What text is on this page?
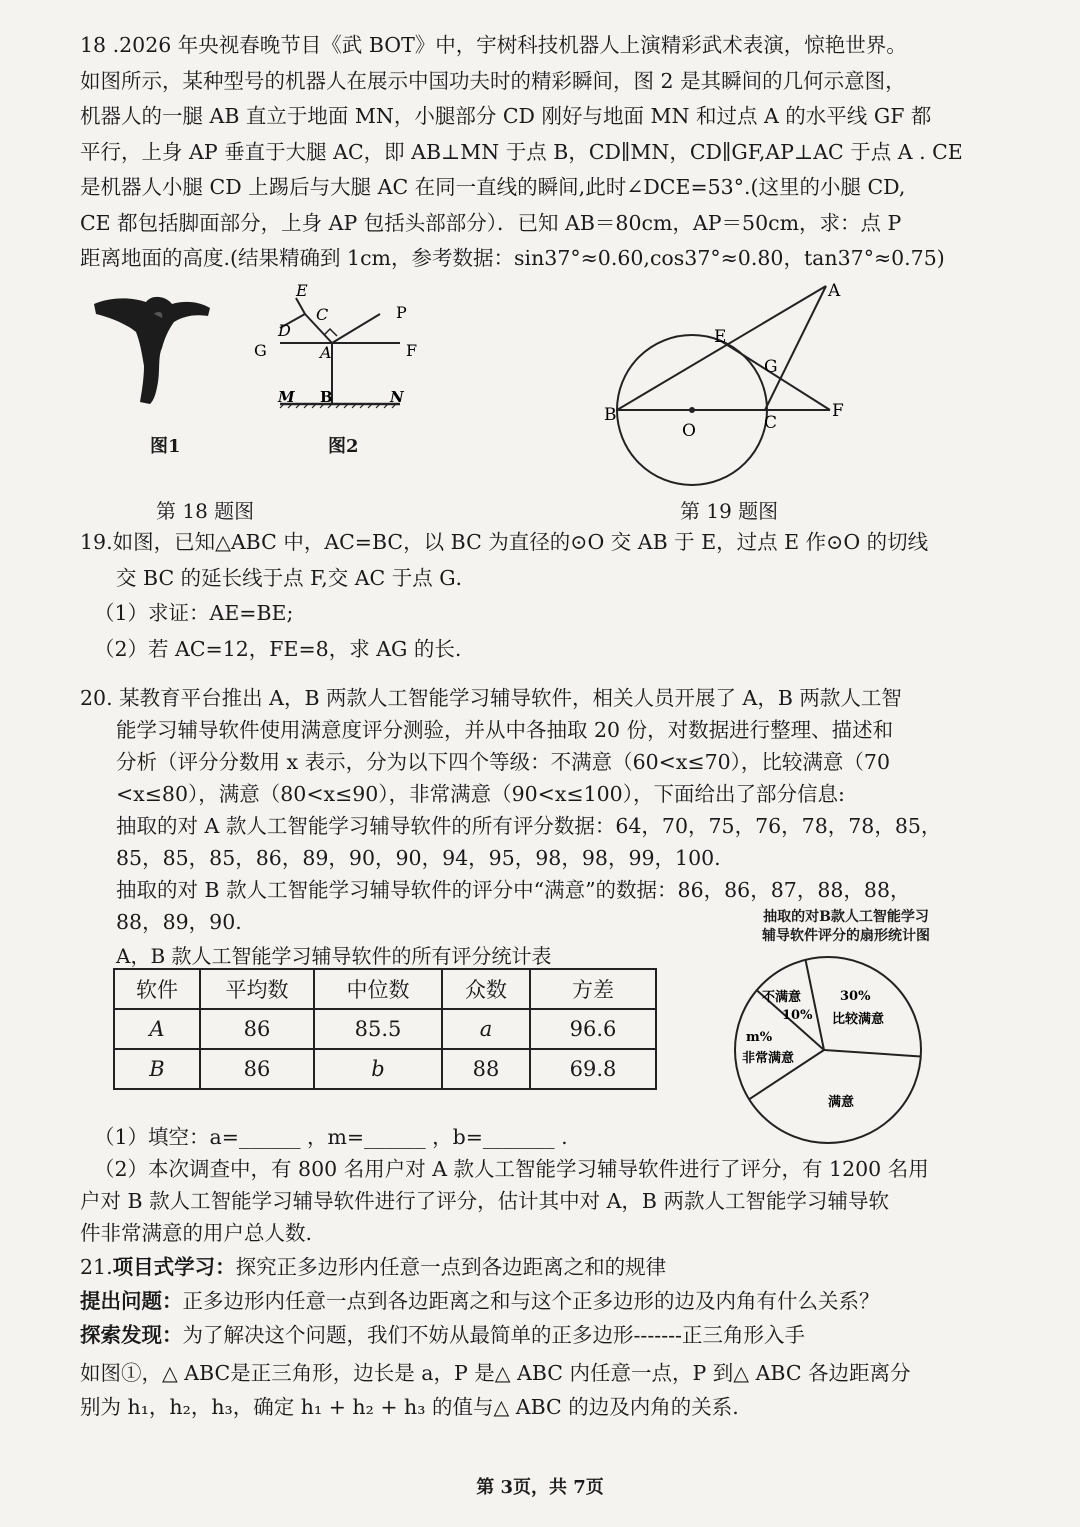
18 .2026 年央视春晚节目《武 BOT》中，宇树科技机器人上演精彩武术表演，惊艳世界。

如图所示，某种型号的机器人在展示中国功夫时的精彩瞬间，图 2 是其瞬间的几何示意图，

机器人的一腿 AB 直立于地面 MN，小腿部分 CD 刚好与地面 MN 和过点 A 的水平线 GF 都

平行，上身 AP 垂直于大腿 AC，即 AB⊥MN 于点 B，CD∥MN，CD∥GF,AP⊥AC 于点 A . CE

是机器人小腿 CD 上踢后与大腿 AC 在同一直线的瞬间,此时∠DCE=53°.(这里的小腿 CD,

CE 都包括脚面部分，上身 AP 包括头部部分）．已知 AB＝80cm，AP＝50cm，求：点 P

距离地面的高度.(结果精确到 1cm，参考数据：sin37°≈0.60,cos37°≈0.80，tan37°≈0.75)

图1
E
C	P
D
G	A	F
M B	N
图2
第 18 题图
A
E
G
B
O	C
F
第 19 题图

19.如图，已知△ABC 中，AC=BC，以 BC 为直径的⊙O 交 AB 于 E，过点 E 作⊙O 的切线

交 BC 的延长线于点 F,交 AC 于点 G．

（1）求证：AE=BE;

（2）若 AC=12，FE=8，求 AG 的长.

20. 某教育平台推出 A，B 两款人工智能学习辅导软件，相关人员开展了 A，B 两款人工智

能学习辅导软件使用满意度评分测验，并从中各抽取 20 份，对数据进行整理、描述和

分析（评分分数用 x 表示，分为以下四个等级：不满意（60<x≤70），比较满意（70

<x≤80），满意（80<x≤90），非常满意（90<x≤100），下面给出了部分信息:

抽取的对 A 款人工智能学习辅导软件的所有评分数据：64，70，75，76，78，78，85，

85，85，85，86，89，90，90，94，95，98，98，99，100.

抽取的对 B 款人工智能学习辅导软件的评分中“满意”的数据：86，86，87，88，88，

88，89，90.

A，B 款人工智能学习辅导软件的所有评分统计表
软件	平均数	中位数	众数	方差
A	86	85.5	a	96.6
B	86	b	88	69.8
抽取的对B款人工智能学习
辅导软件评分的扇形统计图
不满意
10%
30%
比较满意
满意
m%
非常满意

（1）填空：a=______ ，m=______ ，b=_______ .

（2）本次调查中，有 800 名用户对 A 款人工智能学习辅导软件进行了评分，有 1200 名用

户对 B 款人工智能学习辅导软件进行了评分，估计其中对 A，B 两款人工智能学习辅导软

件非常满意的用户总人数.

21.项目式学习：探究正多边形内任意一点到各边距离之和的规律

提出问题：正多边形内任意一点到各边距离之和与这个正多边形的边及内角有什么关系？

探索发现：为了解决这个问题，我们不妨从最简单的正多边形-------正三角形入手

如图①，△ ABC是正三角形，边长是 a，P 是△ ABC 内任意一点，P 到△ ABC 各边距离分

别为 h₁，h₂，h₃，确定 h₁ + h₂ + h₃ 的值与△ ABC 的边及内角的关系.

第 3页，共 7页
